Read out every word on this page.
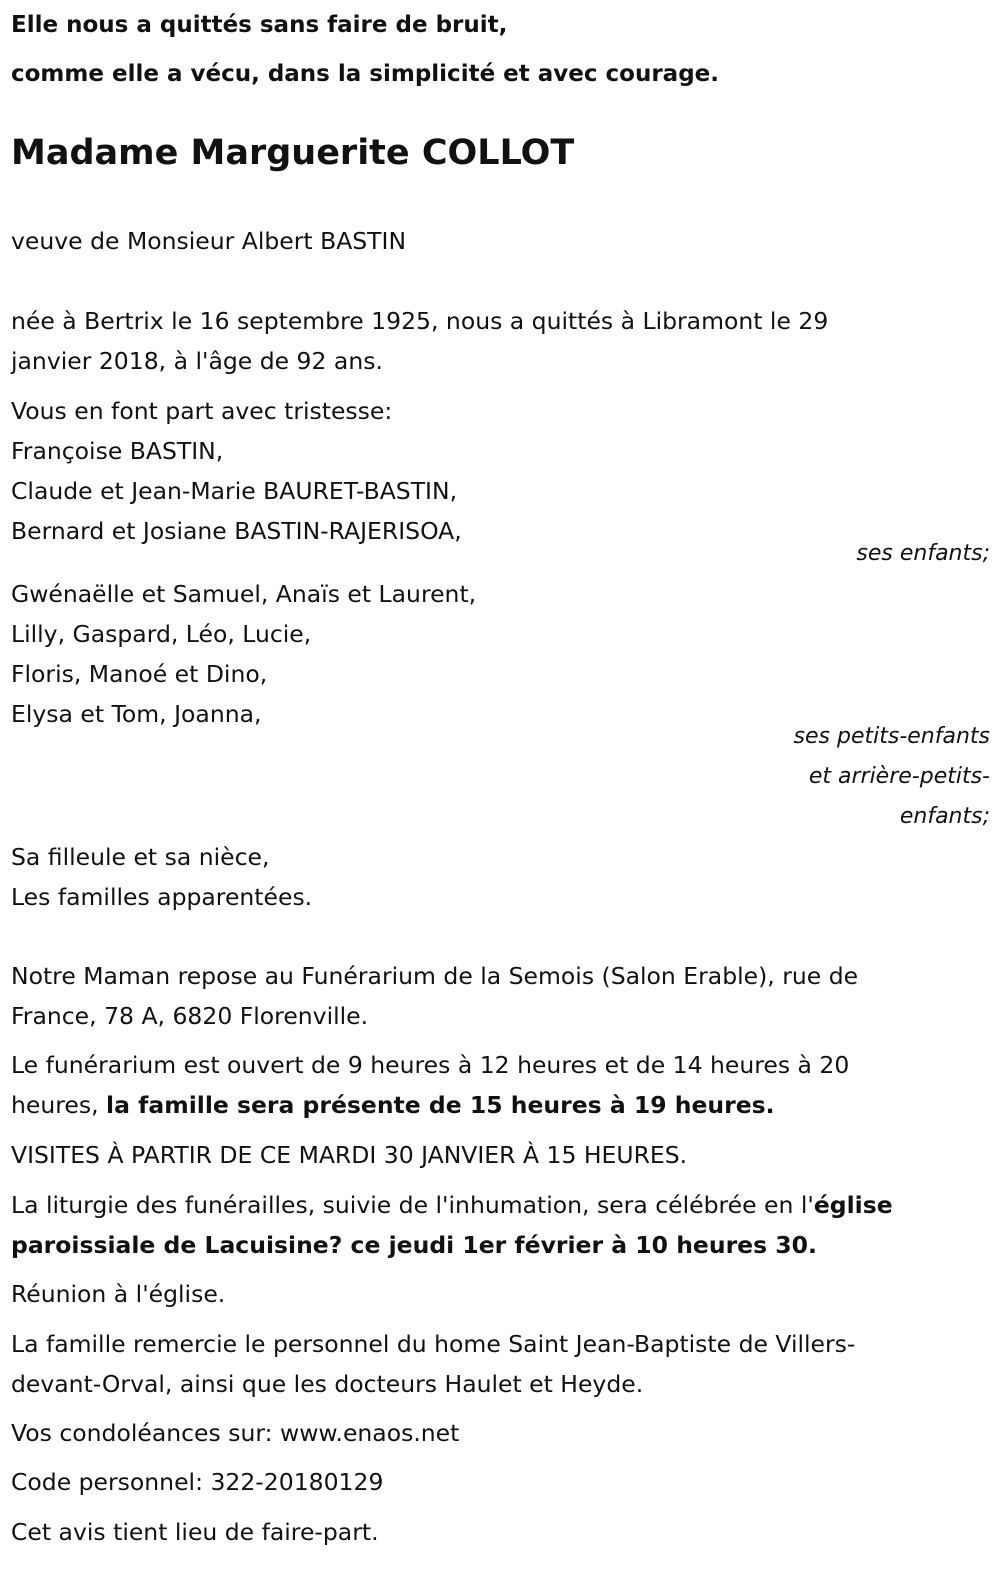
Elle nous a quittés sans faire de bruit,
comme elle a vécu, dans la simplicité et avec courage.
Madame Marguerite COLLOT
veuve de Monsieur Albert BASTIN
née à Bertrix le 16 septembre 1925, nous a quittés à Libramont le 29
janvier 2018, à l'âge de 92 ans.
Vous en font part avec tristesse:
Françoise BASTIN,
Claude et Jean-Marie BAURET-BASTIN,
Bernard et Josiane BASTIN-RAJERISOA,
ses enfants;
Gwénaëlle et Samuel, Anaïs et Laurent,
Lilly, Gaspard, Léo, Lucie,
Floris, Manoé et Dino,
Elysa et Tom, Joanna,
ses petits-enfants
et arrière-petits-
enfants;
Sa filleule et sa nièce,
Les familles apparentées.
Notre Maman repose au Funérarium de la Semois (Salon Erable), rue de
France, 78 A, 6820 Florenville.
Le funérarium est ouvert de 9 heures à 12 heures et de 14 heures à 20
heures, la famille sera présente de 15 heures à 19 heures.
VISITES À PARTIR DE CE MARDI 30 JANVIER À 15 HEURES.
La liturgie des funérailles, suivie de l'inhumation, sera célébrée en l'église
paroissiale de Lacuisine? ce jeudi 1er février à 10 heures 30.
Réunion à l'église.
La famille remercie le personnel du home Saint Jean-Baptiste de Villers-
devant-Orval, ainsi que les docteurs Haulet et Heyde.
Vos condoléances sur: www.enaos.net
Code personnel: 322-20180129
Cet avis tient lieu de faire-part.
